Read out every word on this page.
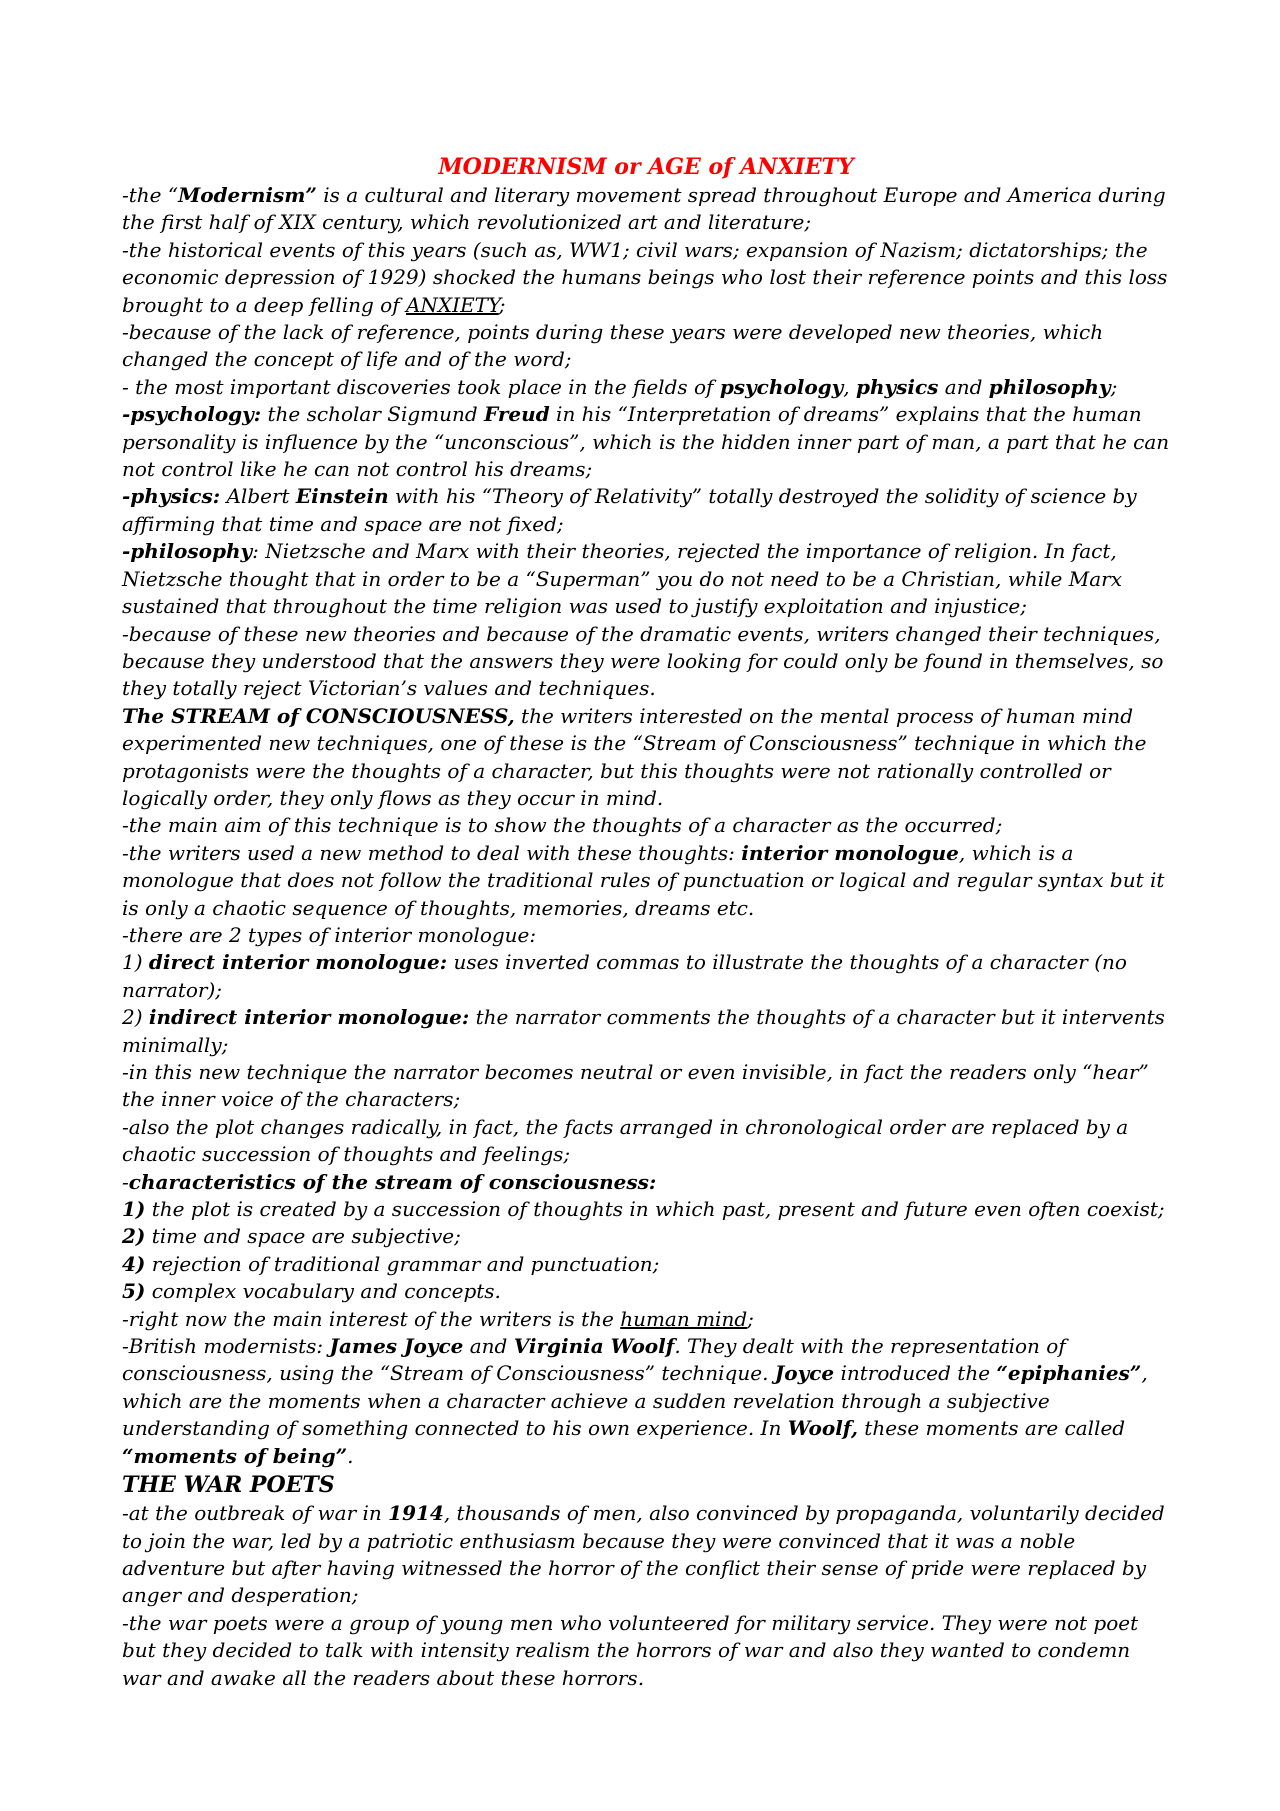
MODERNISM or AGE of ANXIETY

-the “Modernism” is a cultural and literary movement spread throughout Europe and America during the first half of XIX century, which revolutionized art and literature;

-the historical events of this years (such as, WW1; civil wars; expansion of Nazism; dictatorships; the economic depression of 1929) shocked the humans beings who lost their reference points and this loss brought to a deep felling of ANXIETY;

-because of the lack of reference, points during these years were developed new theories, which changed the concept of life and of the word;

- the most important discoveries took place in the fields of psychology, physics and philosophy;

-psychology: the scholar Sigmund Freud in his “Interpretation of dreams” explains that the human personality is influence by the “unconscious”, which is the hidden inner part of man, a part that he can not control like he can not control his dreams;

-physics: Albert Einstein with his “Theory of Relativity” totally destroyed the solidity of science by affirming that time and space are not fixed;

-philosophy: Nietzsche and Marx with their theories, rejected the importance of religion. In fact, Nietzsche thought that in order to be a “Superman” you do not need to be a Christian, while Marx sustained that throughout the time religion was used to justify exploitation and injustice;

-because of these new theories and because of the dramatic events, writers changed their techniques, because they understood that the answers they were looking for could only be found in themselves, so they totally reject Victorian’s values and techniques.

The STREAM of CONSCIOUSNESS, the writers interested on the mental process of human mind experimented new techniques, one of these is the “Stream of Consciousness” technique in which the protagonists were the thoughts of a character, but this thoughts were not rationally controlled or logically order, they only flows as they occur in mind.

-the main aim of this technique is to show the thoughts of a character as the occurred;

-the writers used a new method to deal with these thoughts: interior monologue, which is a monologue that does not follow the traditional rules of punctuation or logical and regular syntax but it is only a chaotic sequence of thoughts, memories, dreams etc.

-there are 2 types of interior monologue:

1) direct interior monologue: uses inverted commas to illustrate the thoughts of a character (no narrator);

2) indirect interior monologue: the narrator comments the thoughts of a character but it intervents minimally;

-in this new technique the narrator becomes neutral or even invisible, in fact the readers only “hear” the inner voice of the characters;

-also the plot changes radically, in fact, the facts arranged in chronological order are replaced by a chaotic succession of thoughts and feelings;

-characteristics of the stream of consciousness:

1) the plot is created by a succession of thoughts in which past, present and future even often coexist;

2) time and space are subjective;

4) rejection of traditional grammar and punctuation;

5) complex vocabulary and concepts.

-right now the main interest of the writers is the human mind;

-British modernists: James Joyce and Virginia Woolf. They dealt with the representation of consciousness, using the “Stream of Consciousness” technique. Joyce introduced the “epiphanies”, which are the moments when a character achieve a sudden revelation through a subjective understanding of something connected to his own experience. In Woolf, these moments are called “moments of being”.

THE WAR POETS

-at the outbreak of war in 1914, thousands of men, also convinced by propaganda, voluntarily decided to join the war, led by a patriotic enthusiasm because they were convinced that it was a noble adventure but after having witnessed the horror of the conflict their sense of pride were replaced by anger and desperation;

-the war poets were a group of young men who volunteered for military service. They were not poet but they decided to talk with intensity realism the horrors of war and also they wanted to condemn war and awake all the readers about these horrors.
